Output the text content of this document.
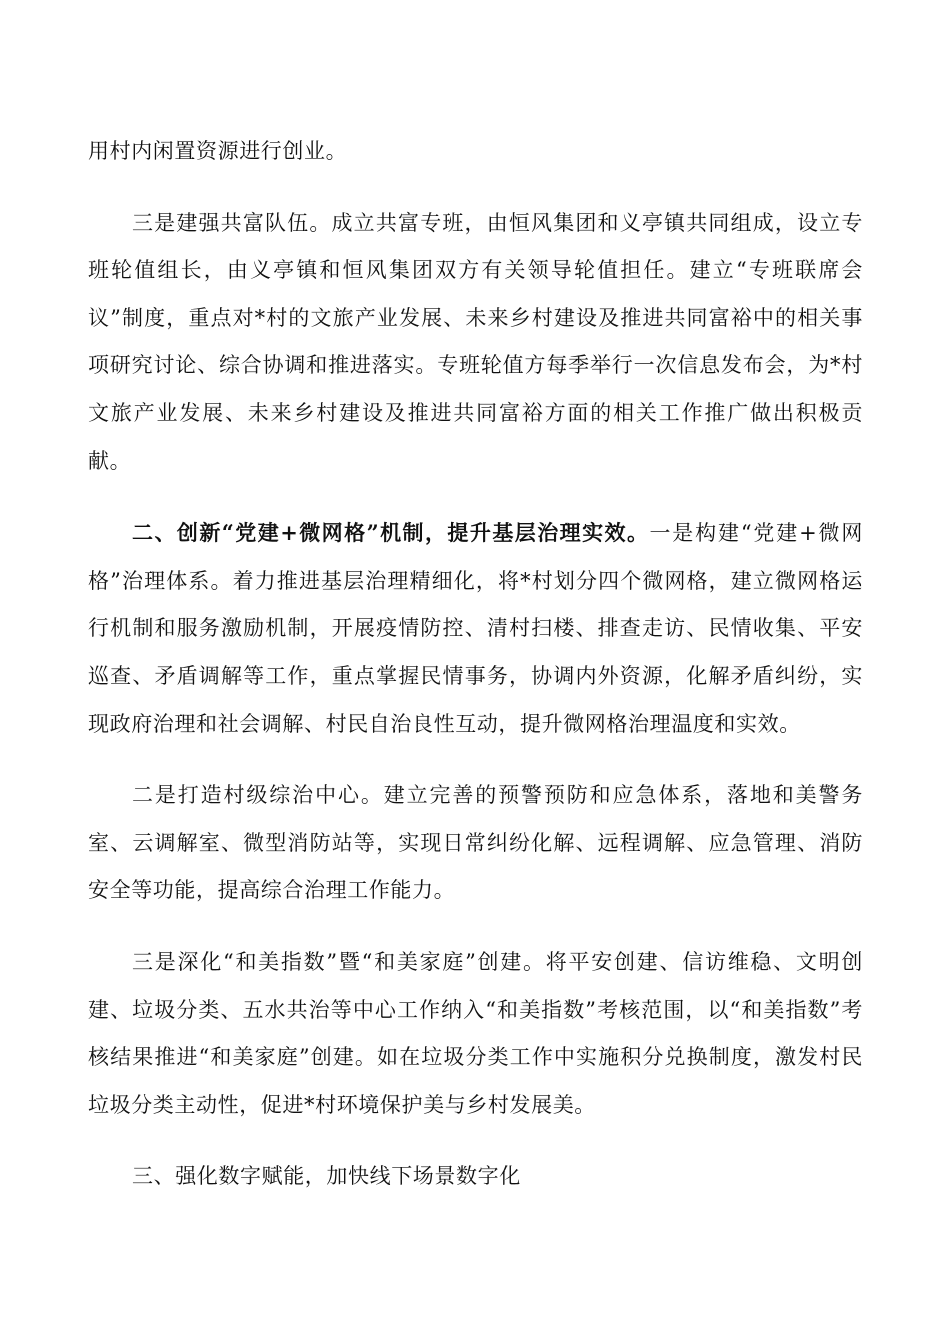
用村内闲置资源进行创业。

三是建强共富队伍。成立共富专班，由恒风集团和义亭镇共同组成，设立专班轮值组长，由义亭镇和恒风集团双方有关领导轮值担任。建立“专班联席会议”制度，重点对*村的文旅产业发展、未来乡村建设及推进共同富裕中的相关事项研究讨论、综合协调和推进落实。专班轮值方每季举行一次信息发布会，为*村文旅产业发展、未来乡村建设及推进共同富裕方面的相关工作推广做出积极贡献。

二、创新“党建+微网格”机制，提升基层治理实效。一是构建“党建+微网格”治理体系。着力推进基层治理精细化，将*村划分四个微网格，建立微网格运行机制和服务激励机制，开展疫情防控、清村扫楼、排查走访、民情收集、平安巡查、矛盾调解等工作，重点掌握民情事务，协调内外资源，化解矛盾纠纷，实现政府治理和社会调解、村民自治良性互动，提升微网格治理温度和实效。

二是打造村级综治中心。建立完善的预警预防和应急体系，落地和美警务室、云调解室、微型消防站等，实现日常纠纷化解、远程调解、应急管理、消防安全等功能，提高综合治理工作能力。

三是深化“和美指数”暨“和美家庭”创建。将平安创建、信访维稳、文明创建、垃圾分类、五水共治等中心工作纳入“和美指数”考核范围，以“和美指数”考核结果推进“和美家庭”创建。如在垃圾分类工作中实施积分兑换制度，激发村民垃圾分类主动性，促进*村环境保护美与乡村发展美。

三、强化数字赋能，加快线下场景数字化
